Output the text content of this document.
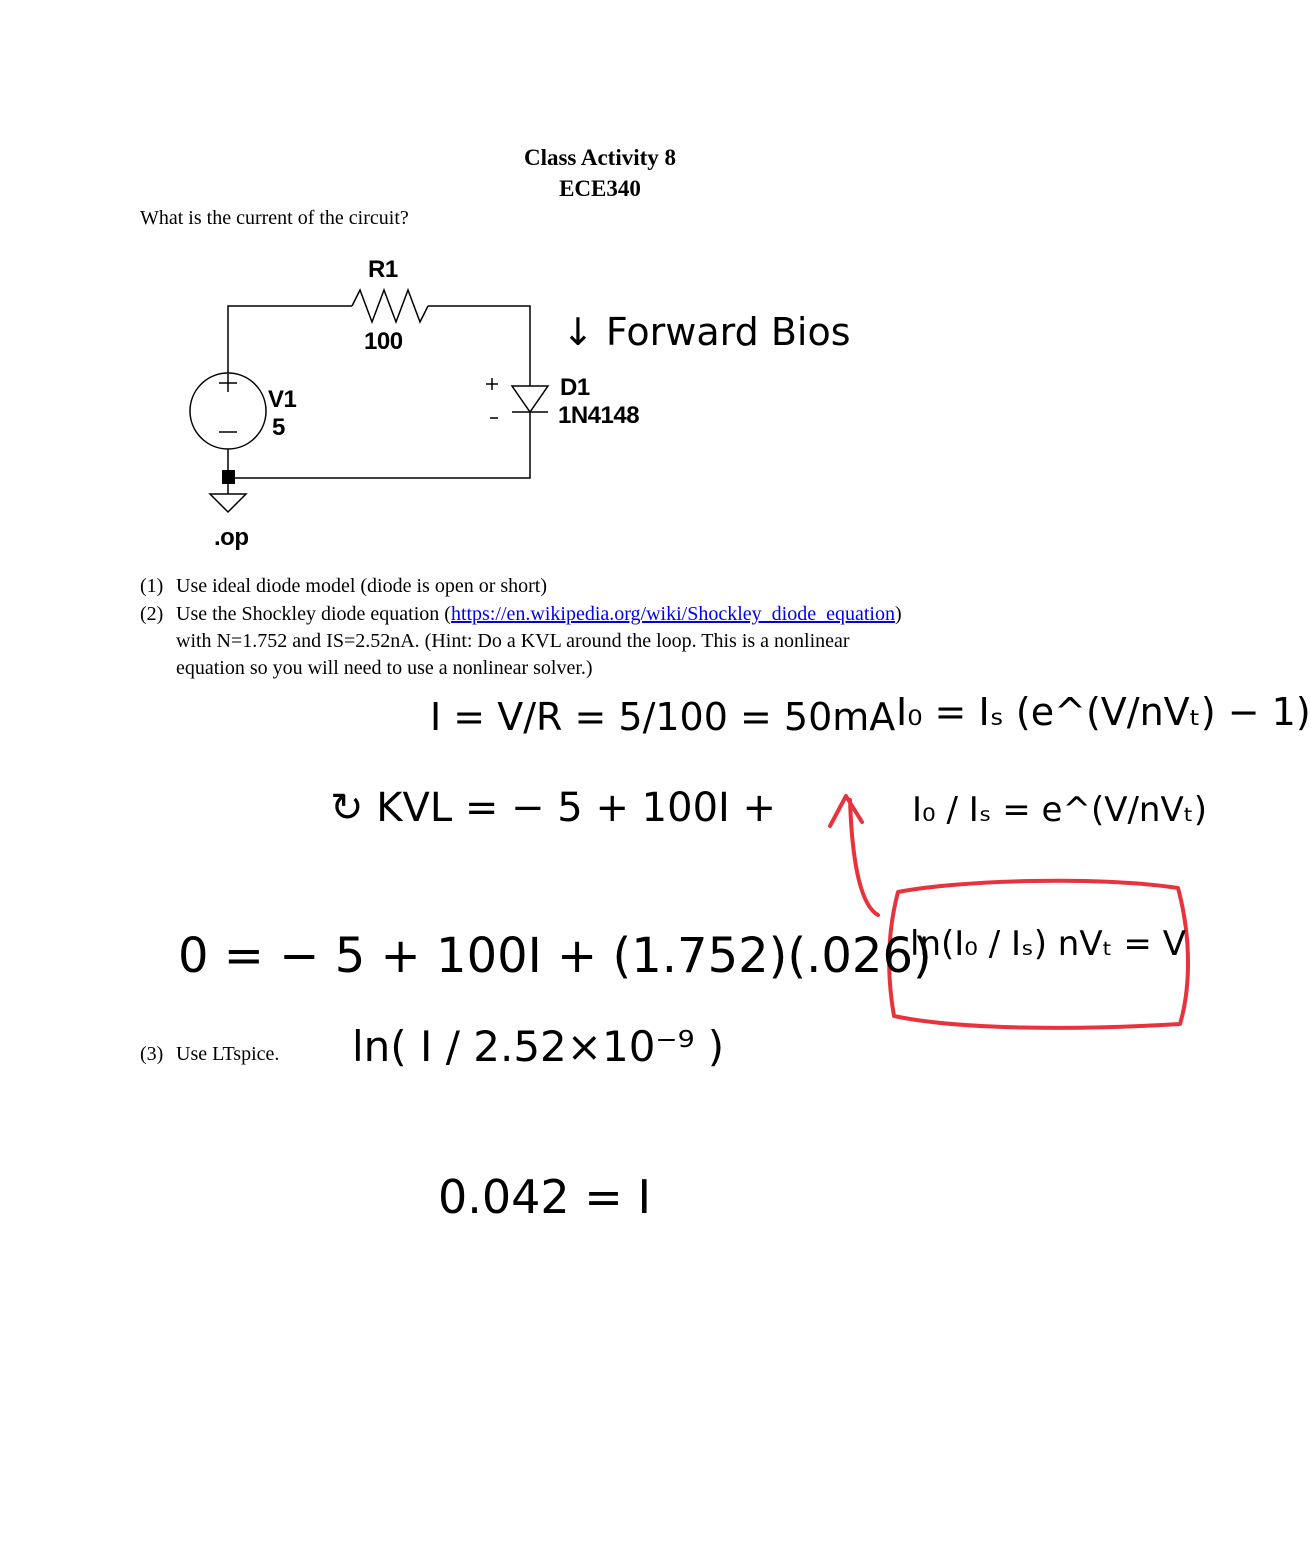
Class Activity 8
ECE340
What is the current of the circuit?
R1
100
V1
5
D1
1N4148
.op
(1) Use ideal diode model (diode is open or short)
(2) Use the Shockley diode equation (https://en.wikipedia.org/wiki/Shockley_diode_equation)
with N=1.752 and IS=2.52nA. (Hint: Do a KVL around the loop. This is a nonlinear
equation so you will need to use a nonlinear solver.)
(3) Use LTspice.
↓ Forward Bios
I = V/R = 5/100 = 50mA I₀ = Iₛ (e^(V/nVₜ) − 1)
↻ KVL = − 5 + 100I +	I₀ / Iₛ = e^(V/nVₜ)
ln(I₀ / Iₛ) nVₜ = V
0 = − 5 + 100I + (1.752)(.026)
ln( I / 2.52×10⁻⁹ )
0.042 = I
